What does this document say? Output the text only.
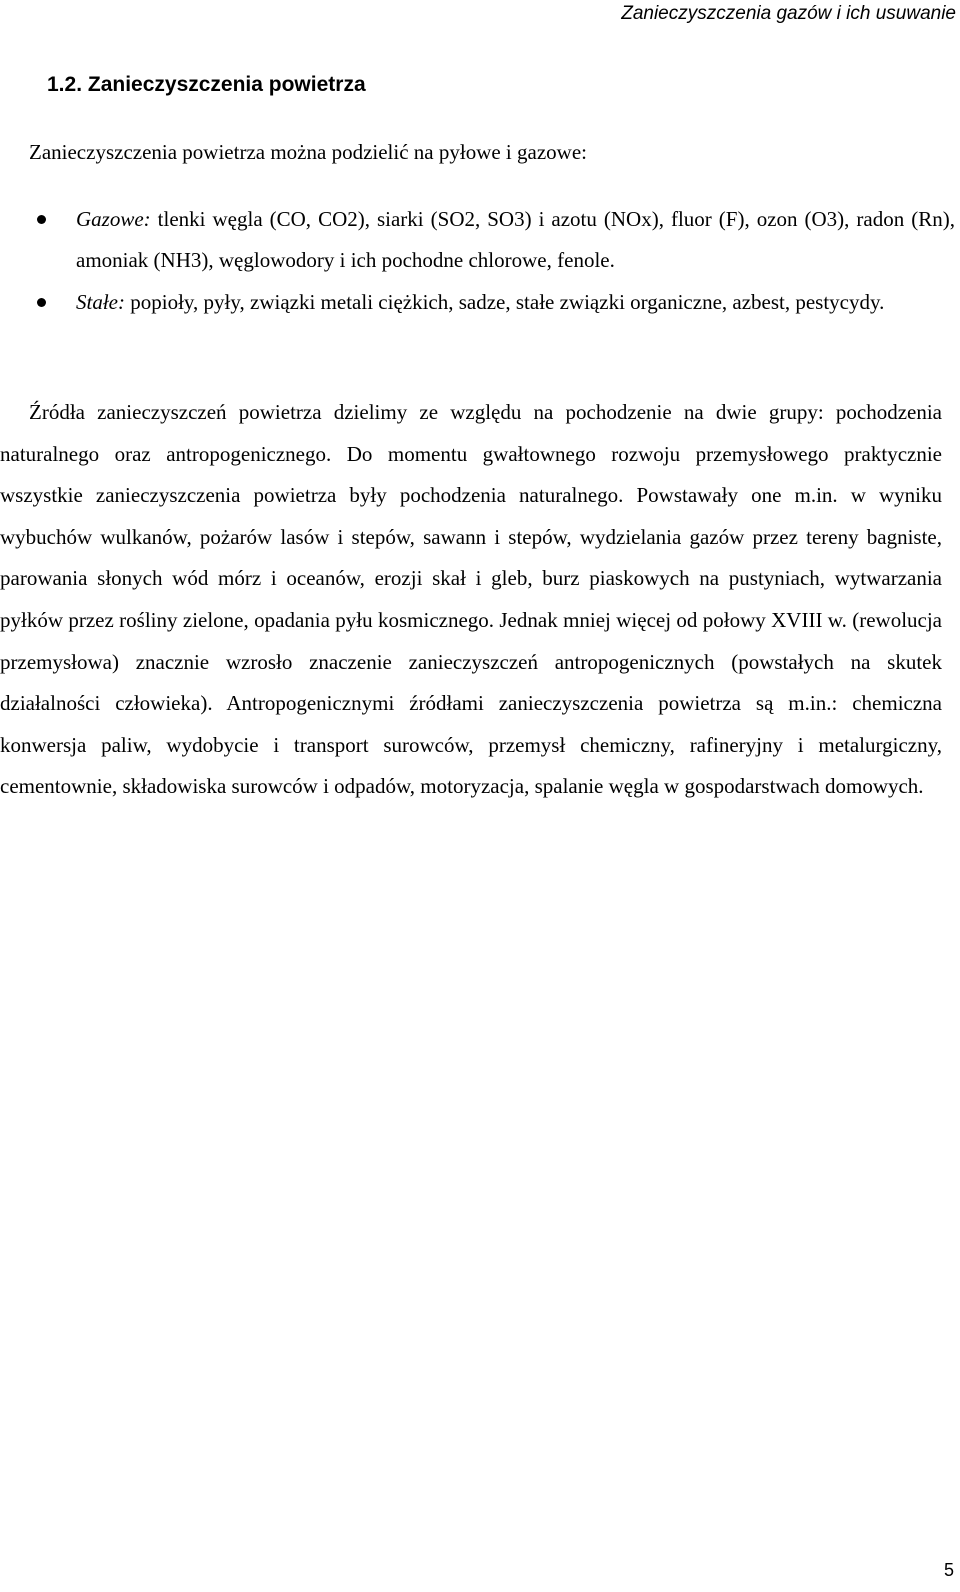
Zanieczyszczenia gazów i ich usuwanie
1.2. Zanieczyszczenia powietrza
Zanieczyszczenia powietrza można podzielić na pyłowe i gazowe:
Gazowe: tlenki węgla (CO, CO2), siarki (SO2, SO3) i azotu (NOx), fluor (F), ozon (O3), radon (Rn), amoniak (NH3), węglowodory i ich pochodne chlorowe, fenole.
Stałe: popioły, pyły, związki metali ciężkich, sadze, stałe związki organiczne, azbest, pestycydy.

Źródła zanieczyszczeń powietrza dzielimy ze względu na pochodzenie na dwie grupy: pochodzenia naturalnego oraz antropogenicznego. Do momentu gwałtownego rozwoju przemysłowego praktycznie wszystkie zanieczyszczenia powietrza były pochodzenia naturalnego. Powstawały one m.in. w wyniku wybuchów wulkanów, pożarów lasów i stepów, sawann i stepów, wydzielania gazów przez tereny bagniste, parowania słonych wód mórz i oceanów, erozji skał i gleb, burz piaskowych na pustyniach, wytwarzania pyłków przez rośliny zielone, opadania pyłu kosmicznego. Jednak mniej więcej od połowy XVIII w. (rewolucja przemysłowa) znacznie wzrosło znaczenie zanieczyszczeń antropogenicznych (powstałych na skutek działalności człowieka). Antropogenicznymi źródłami zanieczyszczenia powietrza są m.in.: chemiczna konwersja paliw, wydobycie i transport surowców, przemysł chemiczny, rafineryjny i metalurgiczny, cementownie, składowiska surowców i odpadów, motoryzacja, spalanie węgla w gospodarstwach domowych.

5
